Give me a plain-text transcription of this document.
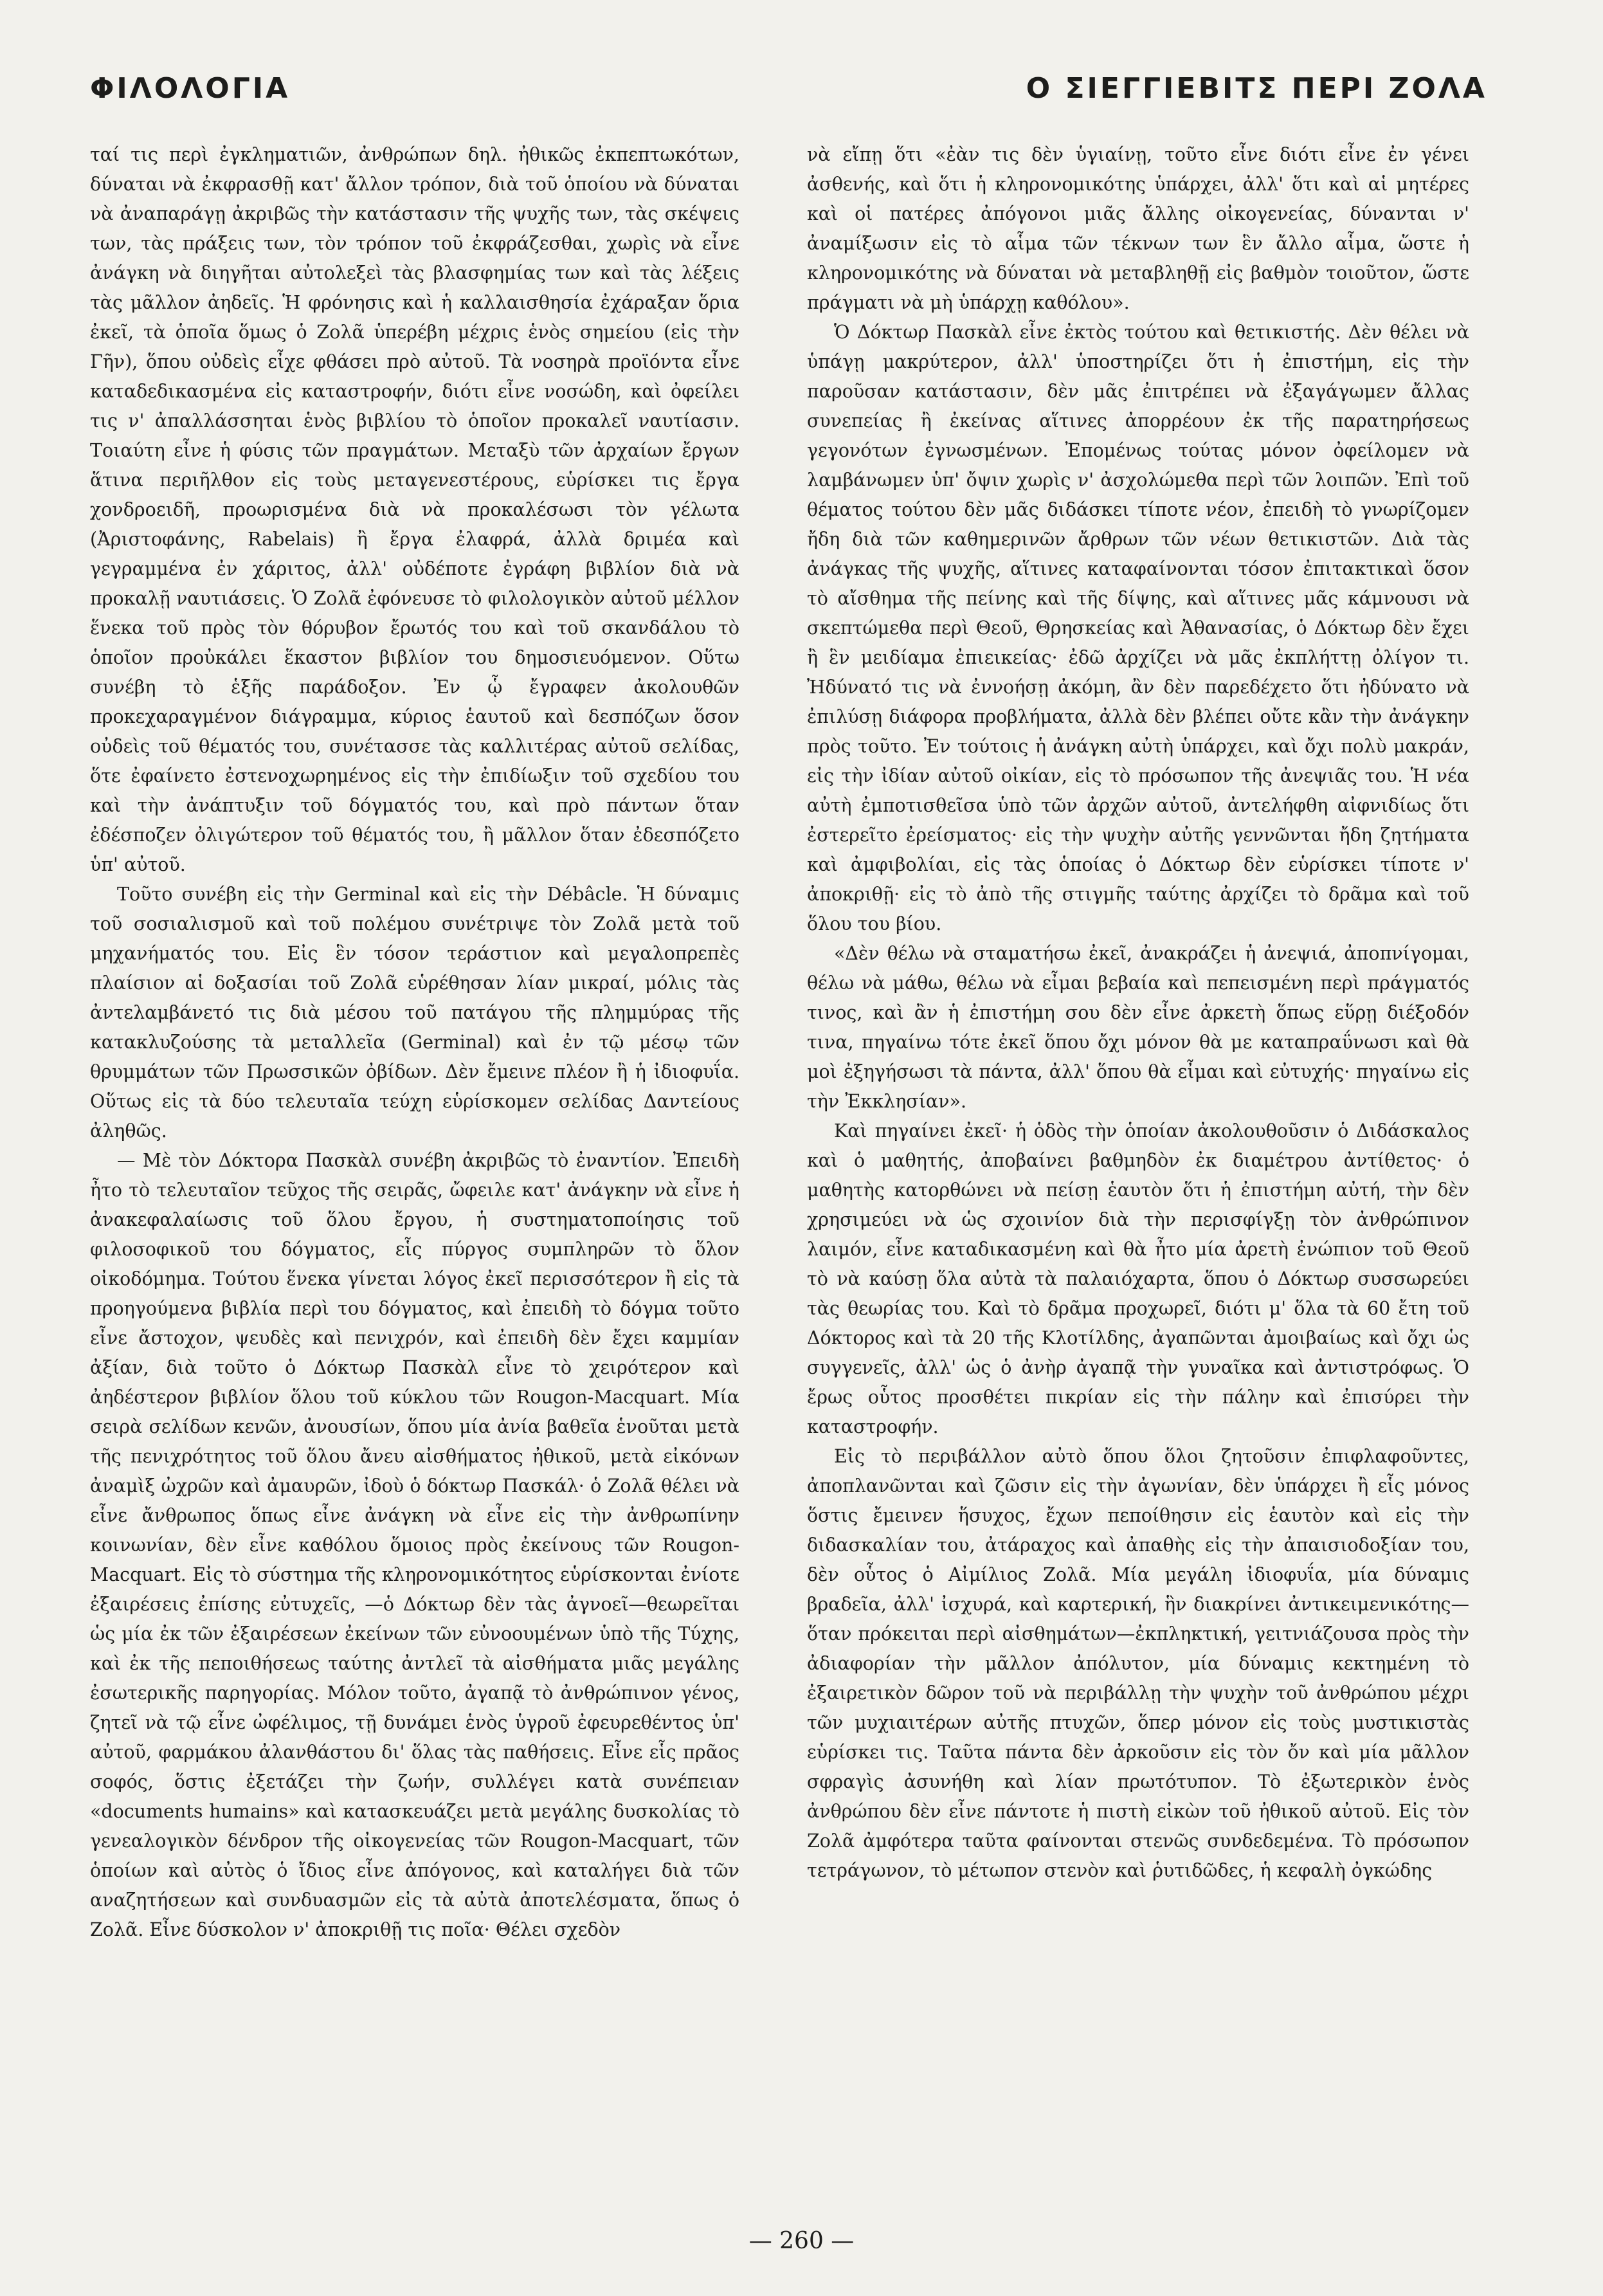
ΦΙΛΟΛΟΓΙΑ	Ο ΣΙΕΓΓΙΕΒΙΤΣ ΠΕΡΙ ΖΟΛΑ

ταί τις περὶ ἐγκληματιῶν, ἀνθρώπων δηλ. ἠθικῶς ἐκπεπτωκότων, δύναται νὰ ἐκφρασθῇ κατ' ἄλλον τρόπον, διὰ τοῦ ὁποίου νὰ δύναται νὰ ἀναπαράγῃ ἀκριβῶς τὴν κατάστασιν τῆς ψυχῆς των, τὰς σκέψεις των, τὰς πράξεις των, τὸν τρόπον τοῦ ἐκφράζεσθαι, χωρὶς νὰ εἶνε ἀνάγκη νὰ διηγῆται αὐτολεξεὶ τὰς βλασφημίας των καὶ τὰς λέξεις τὰς μᾶλλον ἀηδεῖς. Ἡ φρόνησις καὶ ἡ καλλαισθησία ἐχάραξαν ὅρια ἐκεῖ, τὰ ὁποῖα ὅμως ὁ Ζολᾶ ὑπερέβη μέχρις ἑνὸς σημείου (εἰς τὴν Γῆν), ὅπου οὐδεὶς εἶχε φθάσει πρὸ αὐτοῦ. Τὰ νοσηρὰ προϊόντα εἶνε καταδεδικασμένα εἰς καταστροφήν, διότι εἶνε νοσώδη, καὶ ὀφείλει τις ν' ἀπαλλάσσηται ἑνὸς βιβλίου τὸ ὁποῖον προκαλεῖ ναυτίασιν. Τοιαύτη εἶνε ἡ φύσις τῶν πραγμάτων. Μεταξὺ τῶν ἀρχαίων ἔργων ἅτινα περιῆλθον εἰς τοὺς μεταγενεστέρους, εὑρίσκει τις ἔργα χονδροειδῆ, προωρισμένα διὰ νὰ προκαλέσωσι τὸν γέλωτα (Ἀριστοφάνης, Rabelais) ἢ ἔργα ἐλαφρά, ἀλλὰ δριμέα καὶ γεγραμμένα ἐν χάριτος, ἀλλ' οὐδέποτε ἐγράφη βιβλίον διὰ νὰ προκαλῇ ναυτιάσεις. Ὁ Ζολᾶ ἐφόνευσε τὸ φιλολογικὸν αὐτοῦ μέλλον ἕνεκα τοῦ πρὸς τὸν θόρυβον ἔρωτός του καὶ τοῦ σκανδάλου τὸ ὁποῖον προὐκάλει ἕκαστον βιβλίον του δημοσιευόμενον. Οὕτω συνέβη τὸ ἑξῆς παράδοξον. Ἐν ᾧ ἔγραφεν ἀκολουθῶν προκεχαραγμένον διάγραμμα, κύριος ἑαυτοῦ καὶ δεσπόζων ὅσον οὐδεὶς τοῦ θέματός του, συνέτασσε τὰς καλλιτέρας αὐτοῦ σελίδας, ὅτε ἐφαίνετο ἐστενοχωρημένος εἰς τὴν ἐπιδίωξιν τοῦ σχεδίου του καὶ τὴν ἀνάπτυξιν τοῦ δόγματός του, καὶ πρὸ πάντων ὅταν ἐδέσποζεν ὀλιγώτερον τοῦ θέματός του, ἢ μᾶλλον ὅταν ἐδεσπόζετο ὑπ' αὐτοῦ.

Τοῦτο συνέβη εἰς τὴν Germinal καὶ εἰς τὴν Débâcle. Ἡ δύναμις τοῦ σοσιαλισμοῦ καὶ τοῦ πολέμου συνέτριψε τὸν Ζολᾶ μετὰ τοῦ μηχανήματός του. Εἰς ἓν τόσον τεράστιον καὶ μεγαλοπρεπὲς πλαίσιον αἱ δοξασίαι τοῦ Ζολᾶ εὑρέθησαν λίαν μικραί, μόλις τὰς ἀντελαμβάνετό τις διὰ μέσου τοῦ πατάγου τῆς πλημμύρας τῆς κατακλυζούσης τὰ μεταλλεῖα (Germinal) καὶ ἐν τῷ μέσῳ τῶν θρυμμάτων τῶν Πρωσσικῶν ὀβίδων. Δὲν ἔμεινε πλέον ἢ ἡ ἰδιοφυΐα. Οὕτως εἰς τὰ δύο τελευταῖα τεύχη εὑρίσκομεν σελίδας Δαντείους ἀληθῶς.

— Μὲ τὸν Δόκτορα Πασκὰλ συνέβη ἀκριβῶς τὸ ἐναντίον. Ἐπειδὴ ἦτο τὸ τελευταῖον τεῦχος τῆς σειρᾶς, ὤφειλε κατ' ἀνάγκην νὰ εἶνε ἡ ἀνακεφαλαίωσις τοῦ ὅλου ἔργου, ἡ συστηματοποίησις τοῦ φιλοσοφικοῦ του δόγματος, εἷς πύργος συμπληρῶν τὸ ὅλον οἰκοδόμημα. Τούτου ἕνεκα γίνεται λόγος ἐκεῖ περισσότερον ἢ εἰς τὰ προηγούμενα βιβλία περὶ του δόγματος, καὶ ἐπειδὴ τὸ δόγμα τοῦτο εἶνε ἄστοχον, ψευδὲς καὶ πενιχρόν, καὶ ἐπειδὴ δὲν ἔχει καμμίαν ἀξίαν, διὰ τοῦτο ὁ Δόκτωρ Πασκὰλ εἶνε τὸ χειρότερον καὶ ἀηδέστερον βιβλίον ὅλου τοῦ κύκλου τῶν Rougon-Macquart. Μία σειρὰ σελίδων κενῶν, ἀνουσίων, ὅπου μία ἀνία βαθεῖα ἑνοῦται μετὰ τῆς πενιχρότητος τοῦ ὅλου ἄνευ αἰσθήματος ἠθικοῦ, μετὰ εἰκόνων ἀναμὶξ ὠχρῶν καὶ ἀμαυρῶν, ἰδοὺ ὁ δόκτωρ Πασκάλ· ὁ Ζολᾶ θέλει νὰ εἶνε ἄνθρωπος ὅπως εἶνε ἀνάγκη νὰ εἶνε εἰς τὴν ἀνθρωπίνην κοινωνίαν, δὲν εἶνε καθόλου ὅμοιος πρὸς ἐκείνους τῶν Rougon-Macquart. Εἰς τὸ σύστημα τῆς κληρονομικότητος εὑρίσκονται ἐνίοτε ἐξαιρέσεις ἐπίσης εὐτυχεῖς, —ὁ Δόκτωρ δὲν τὰς ἀγνοεῖ—θεωρεῖται ὡς μία ἐκ τῶν ἐξαιρέσεων ἐκείνων τῶν εὐνοουμένων ὑπὸ τῆς Τύχης, καὶ ἐκ τῆς πεποιθήσεως ταύτης ἀντλεῖ τὰ αἰσθήματα μιᾶς μεγάλης ἐσωτερικῆς παρηγορίας. Μόλον τοῦτο, ἀγαπᾷ τὸ ἀνθρώπινον γένος, ζητεῖ νὰ τῷ εἶνε ὠφέλιμος, τῇ δυνάμει ἑνὸς ὑγροῦ ἐφευρεθέντος ὑπ' αὐτοῦ, φαρμάκου ἀλανθάστου δι' ὅλας τὰς παθήσεις. Εἶνε εἷς πρᾶος σοφός, ὅστις ἐξετάζει τὴν ζωήν, συλλέγει κατὰ συνέπειαν «documents humains» καὶ κατασκευάζει μετὰ μεγάλης δυσκολίας τὸ γενεαλογικὸν δένδρον τῆς οἰκογενείας τῶν Rougon-Macquart, τῶν ὁποίων καὶ αὐτὸς ὁ ἴδιος εἶνε ἀπόγονος, καὶ καταλήγει διὰ τῶν αναζητήσεων καὶ συνδυασμῶν εἰς τὰ αὐτὰ ἀποτελέσματα, ὅπως ὁ Ζολᾶ. Εἶνε δύσκολον ν' ἀποκριθῇ τις ποῖα· Θέλει σχεδὸν

νὰ εἴπῃ ὅτι «ἐὰν τις δὲν ὑγιαίνῃ, τοῦτο εἶνε διότι εἶνε ἐν γένει ἀσθενής, καὶ ὅτι ἡ κληρονομικότης ὑπάρχει, ἀλλ' ὅτι καὶ αἱ μητέρες καὶ οἱ πατέρες ἀπόγονοι μιᾶς ἄλλης οἰκογενείας, δύνανται ν' ἀναμίξωσιν εἰς τὸ αἷμα τῶν τέκνων των ἓν ἄλλο αἷμα, ὥστε ἡ κληρονομικότης νὰ δύναται νὰ μεταβληθῇ εἰς βαθμὸν τοιοῦτον, ὥστε πράγματι νὰ μὴ ὑπάρχῃ καθόλου».

Ὁ Δόκτωρ Πασκὰλ εἶνε ἐκτὸς τούτου καὶ θετικιστής. Δὲν θέλει νὰ ὑπάγῃ μακρύτερον, ἀλλ' ὑποστηρίζει ὅτι ἡ ἐπιστήμη, εἰς τὴν παροῦσαν κατάστασιν, δὲν μᾶς ἐπιτρέπει νὰ ἐξαγάγωμεν ἄλλας συνεπείας ἢ ἐκείνας αἵτινες ἀπορρέουν ἐκ τῆς παρατηρήσεως γεγονότων ἐγνωσμένων. Ἐπομένως τούτας μόνον ὀφείλομεν νὰ λαμβάνωμεν ὑπ' ὄψιν χωρὶς ν' ἀσχολώμεθα περὶ τῶν λοιπῶν. Ἐπὶ τοῦ θέματος τούτου δὲν μᾶς διδάσκει τίποτε νέον, ἐπειδὴ τὸ γνωρίζομεν ἤδη διὰ τῶν καθημερινῶν ἄρθρων τῶν νέων θετικιστῶν. Διὰ τὰς ἀνάγκας τῆς ψυχῆς, αἵτινες καταφαίνονται τόσον ἐπιτακτικαὶ ὅσον τὸ αἴσθημα τῆς πείνης καὶ τῆς δίψης, καὶ αἵτινες μᾶς κάμνουσι νὰ σκεπτώμεθα περὶ Θεοῦ, Θρησκείας καὶ Ἀθανασίας, ὁ Δόκτωρ δὲν ἔχει ἢ ἓν μειδίαμα ἐπιεικείας· ἐδῶ ἀρχίζει νὰ μᾶς ἐκπλήττῃ ὀλίγον τι. Ἠδύνατό τις νὰ ἐννοήσῃ ἀκόμη, ἂν δὲν παρεδέχετο ὅτι ἠδύνατο νὰ ἐπιλύσῃ διάφορα προβλήματα, ἀλλὰ δὲν βλέπει οὔτε κἂν τὴν ἀνάγκην πρὸς τοῦτο. Ἐν τούτοις ἡ ἀνάγκη αὐτὴ ὑπάρχει, καὶ ὄχι πολὺ μακράν, εἰς τὴν ἰδίαν αὐτοῦ οἰκίαν, εἰς τὸ πρόσωπον τῆς ἀνεψιᾶς του. Ἡ νέα αὐτὴ ἐμποτισθεῖσα ὑπὸ τῶν ἀρχῶν αὐτοῦ, ἀντελήφθη αἰφνιδίως ὅτι ἐστερεῖτο ἐρείσματος· εἰς τὴν ψυχὴν αὐτῆς γεννῶνται ἤδη ζητήματα καὶ ἀμφιβολίαι, εἰς τὰς ὁποίας ὁ Δόκτωρ δὲν εὑρίσκει τίποτε ν' ἀποκριθῇ· εἰς τὸ ἀπὸ τῆς στιγμῆς ταύτης ἀρχίζει τὸ δρᾶμα καὶ τοῦ ὅλου του βίου.

«Δὲν θέλω νὰ σταματήσω ἐκεῖ, ἀνακράζει ἡ ἀνεψιά, ἀποπνίγομαι, θέλω νὰ μάθω, θέλω νὰ εἶμαι βεβαία καὶ πεπεισμένη περὶ πράγματός τινος, καὶ ἂν ἡ ἐπιστήμη σου δὲν εἶνε ἀρκετὴ ὅπως εὕρῃ διέξοδόν τινα, πηγαίνω τότε ἐκεῖ ὅπου ὄχι μόνον θὰ με καταπραΰνωσι καὶ θὰ μοὶ ἐξηγήσωσι τὰ πάντα, ἀλλ' ὅπου θὰ εἶμαι καὶ εὐτυχής· πηγαίνω εἰς τὴν Ἐκκλησίαν».

Καὶ πηγαίνει ἐκεῖ· ἡ ὁδὸς τὴν ὁποίαν ἀκολουθοῦσιν ὁ Διδάσκαλος καὶ ὁ μαθητής, ἀποβαίνει βαθμηδὸν ἐκ διαμέτρου ἀντίθετος· ὁ μαθητὴς κατορθώνει νὰ πείσῃ ἑαυτὸν ὅτι ἡ ἐπιστήμη αὐτή, τὴν δὲν χρησιμεύει νὰ ὡς σχοινίον διὰ τὴν περισφίγξῃ τὸν ἀνθρώπινον λαιμόν, εἶνε καταδικασμένη καὶ θὰ ἦτο μία ἀρετὴ ἐνώπιον τοῦ Θεοῦ τὸ νὰ καύσῃ ὅλα αὐτὰ τὰ παλαιόχαρτα, ὅπου ὁ Δόκτωρ συσσωρεύει τὰς θεωρίας του. Καὶ τὸ δρᾶμα προχωρεῖ, διότι μ' ὅλα τὰ 60 ἔτη τοῦ Δόκτορος καὶ τὰ 20 τῆς Κλοτίλδης, ἀγαπῶνται ἀμοιβαίως καὶ ὄχι ὡς συγγενεῖς, ἀλλ' ὡς ὁ ἀνὴρ ἀγαπᾷ τὴν γυναῖκα καὶ ἀντιστρόφως. Ὁ ἔρως οὗτος προσθέτει πικρίαν εἰς τὴν πάλην καὶ ἐπισύρει τὴν καταστροφήν.

Εἰς τὸ περιβάλλον αὐτὸ ὅπου ὅλοι ζητοῦσιν ἐπιφλαφοῦντες, ἀποπλανῶνται καὶ ζῶσιν εἰς τὴν ἀγωνίαν, δὲν ὑπάρχει ἢ εἷς μόνος ὅστις ἔμεινεν ἥσυχος, ἔχων πεποίθησιν εἰς ἑαυτὸν καὶ εἰς τὴν διδασκαλίαν του, ἀτάραχος καὶ ἀπαθὴς εἰς τὴν ἀπαισιοδοξίαν του, δὲν οὗτος ὁ Αἰμίλιος Ζολᾶ. Μία μεγάλη ἰδιοφυΐα, μία δύναμις βραδεῖα, ἀλλ' ἰσχυρά, καὶ καρτερική, ἣν διακρίνει ἀντικειμενικότης—ὅταν πρόκειται περὶ αἰσθημάτων—ἐκπληκτική, γειτνιάζουσα πρὸς τὴν ἀδιαφορίαν τὴν μᾶλλον ἀπόλυτον, μία δύναμις κεκτημένη τὸ ἐξαιρετικὸν δῶρον τοῦ νὰ περιβάλλῃ τὴν ψυχὴν τοῦ ἀνθρώπου μέχρι τῶν μυχιαιτέρων αὐτῆς πτυχῶν, ὅπερ μόνον εἰς τοὺς μυστικιστὰς εὑρίσκει τις. Ταῦτα πάντα δὲν ἀρκοῦσιν εἰς τὸν ὄν καὶ μία μᾶλλον σφραγὶς ἀσυνήθη καὶ λίαν πρωτότυπον. Τὸ ἐξωτερικὸν ἑνὸς ἀνθρώπου δὲν εἶνε πάντοτε ἡ πιστὴ εἰκὼν τοῦ ἠθικοῦ αὐτοῦ. Εἰς τὸν Ζολᾶ ἀμφότερα ταῦτα φαίνονται στενῶς συνδεδεμένα. Τὸ πρόσωπον τετράγωνον, τὸ μέτωπον στενὸν καὶ ῥυτιδῶδες, ἡ κεφαλὴ ὀγκώδης

— 260 —
